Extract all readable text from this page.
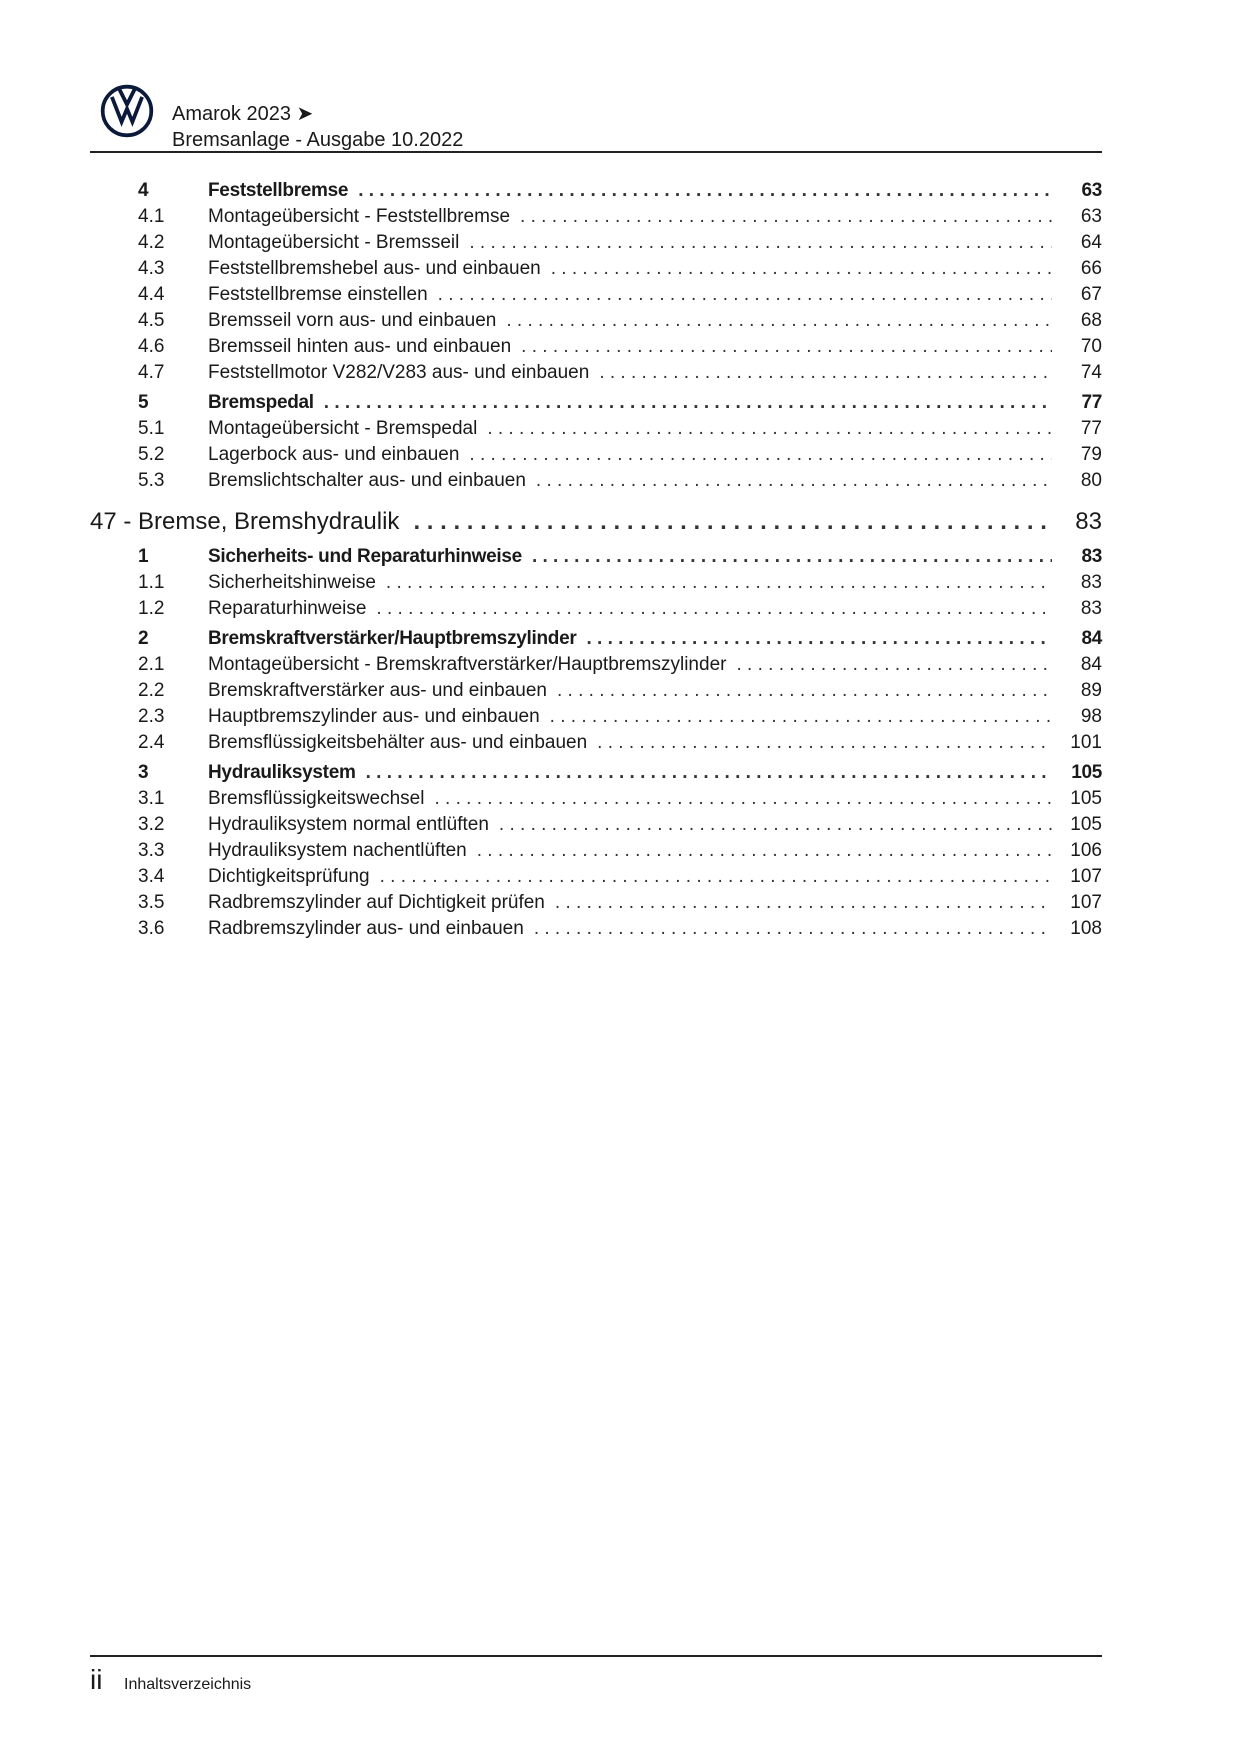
Amarok 2023 ➤
Bremsanlage - Ausgabe 10.2022
4	Feststellbremse . . .	63
4.1	Montageübersicht - Feststellbremse . . .	63
4.2	Montageübersicht - Bremsseil . . .	64
4.3	Feststellbremshebel aus- und einbauen . . .	66
4.4	Feststellbremse einstellen . . .	67
4.5	Bremsseil vorn aus- und einbauen . . .	68
4.6	Bremsseil hinten aus- und einbauen . . .	70
4.7	Feststellmotor V282/V283 aus- und einbauen . . .	74
5	Bremspedal . . .	77
5.1	Montageübersicht - Bremspedal . . .	77
5.2	Lagerbock aus- und einbauen . . .	79
5.3	Bremslichtschalter aus- und einbauen . . .	80
47 - Bremse, Bremshydraulik . . .	83
1	Sicherheits- und Reparaturhinweise . . .	83
1.1	Sicherheitshinweise . . .	83
1.2	Reparaturhinweise . . .	83
2	Bremskraftverstärker/Hauptbremszylinder . . .	84
2.1	Montageübersicht - Bremskraftverstärker/Hauptbremszylinder . . .	84
2.2	Bremskraftverstärker aus- und einbauen . . .	89
2.3	Hauptbremszylinder aus- und einbauen . . .	98
2.4	Bremsflüssigkeitsbehälter aus- und einbauen . . .	101
3	Hydrauliksystem . . .	105
3.1	Bremsflüssigkeitswechsel . . .	105
3.2	Hydrauliksystem normal entlüften . . .	105
3.3	Hydrauliksystem nachentlüften . . .	106
3.4	Dichtigkeitsprüfung . . .	107
3.5	Radbremszylinder auf Dichtigkeit prüfen . . .	107
3.6	Radbremszylinder aus- und einbauen . . .	108
ii Inhaltsverzeichnis
